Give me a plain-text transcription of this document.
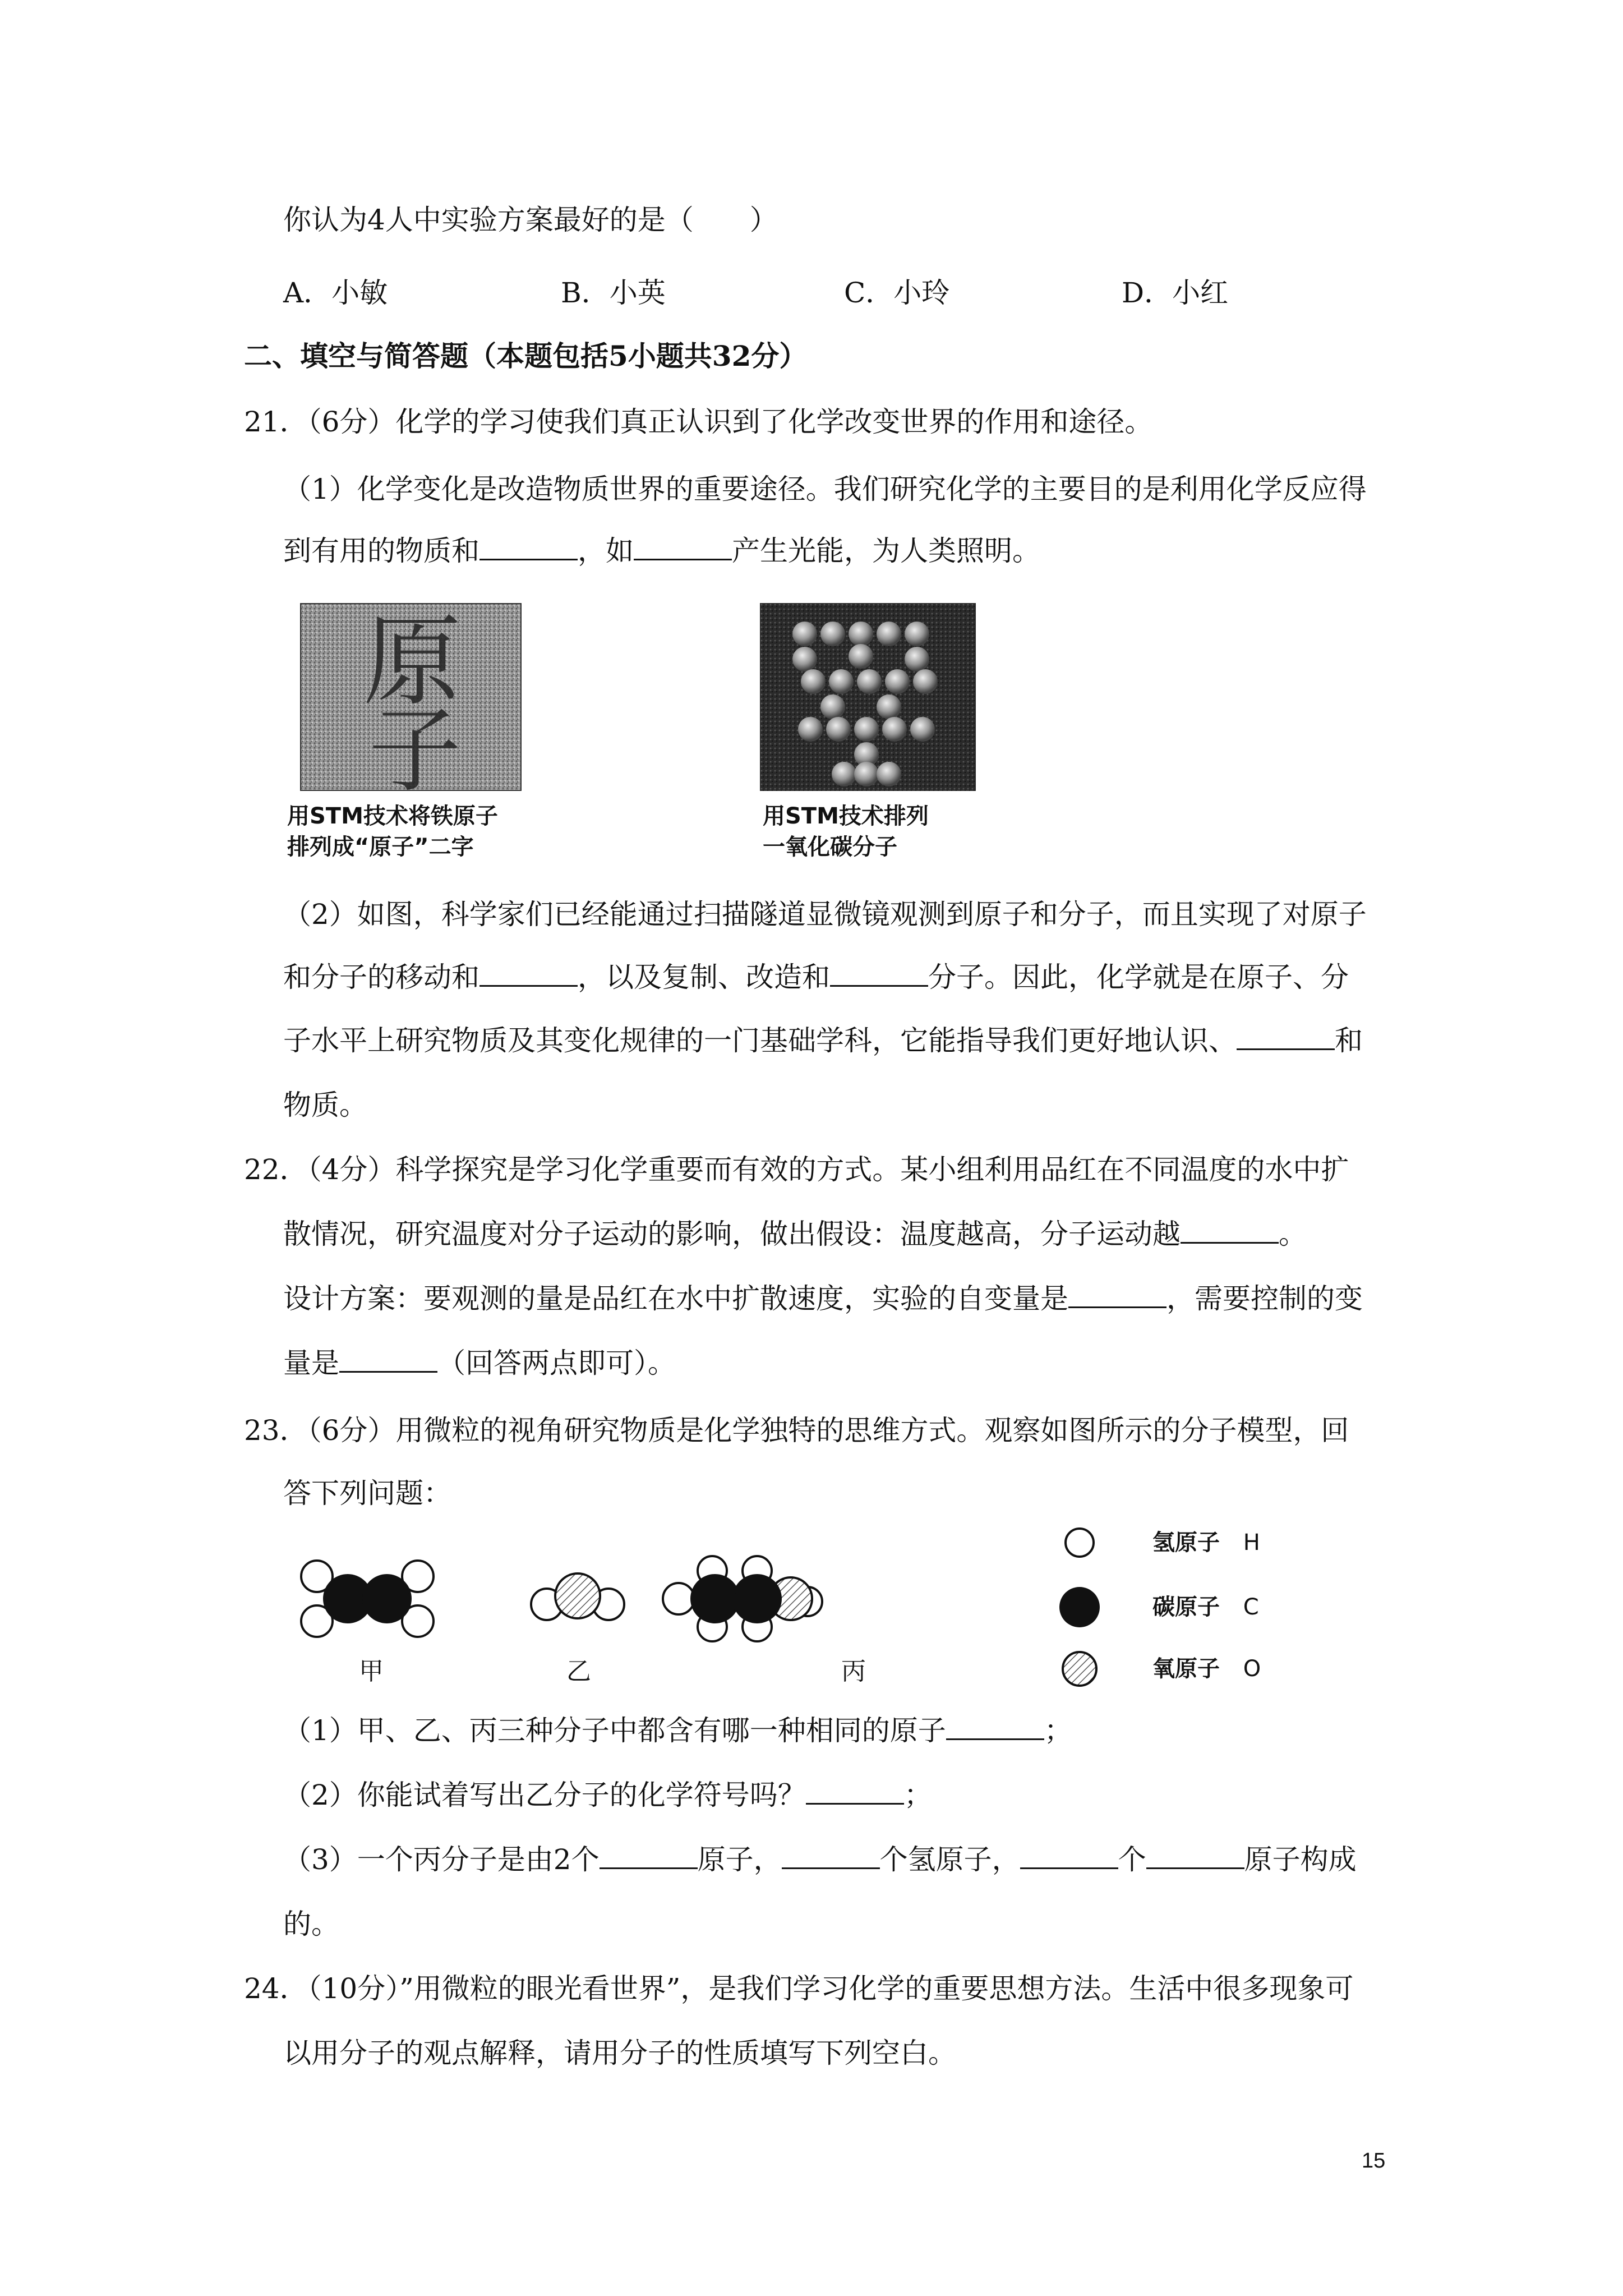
你认为4人中实验方案最好的是（　　）
A．小敏	B．小英	C．小玲	D．小红
二、填空与简答题（本题包括5小题共32分）
21．（6分）化学的学习使我们真正认识到了化学改变世界的作用和途径。
（1）化学变化是改造物质世界的重要途径。我们研究化学的主要目的是利用化学反应得
到有用的物质和	，如	产生光能，为人类照明。
原
子
用STM技术将铁原子
排列成“原子”二字
用STM技术排列
一氧化碳分子
（2）如图，科学家们已经能通过扫描隧道显微镜观测到原子和分子，而且实现了对原子
和分子的移动和	，以及复制、改造和	分子。因此，化学就是在原子、分
子水平上研究物质及其变化规律的一门基础学科，它能指导我们更好地认识、	和
物质。
22．（4分）科学探究是学习化学重要而有效的方式。某小组利用品红在不同温度的水中扩
散情况，研究温度对分子运动的影响，做出假设：温度越高，分子运动越	。
设计方案：要观测的量是品红在水中扩散速度，实验的自变量是	，需要控制的变
量是	（回答两点即可）。
23．（6分）用微粒的视角研究物质是化学独特的思维方式。观察如图所示的分子模型，回
答下列问题：
甲	乙	丙
氢原子 H
碳原子 C
氧原子 O
（1）甲、乙、丙三种分子中都含有哪一种相同的原子	；
（2）你能试着写出乙分子的化学符号吗？	；
（3）一个丙分子是由2个	原子，	个氢原子，	个	原子构成
的。
24．（10分）”用微粒的眼光看世界”，是我们学习化学的重要思想方法。生活中很多现象可
以用分子的观点解释，请用分子的性质填写下列空白。
15
